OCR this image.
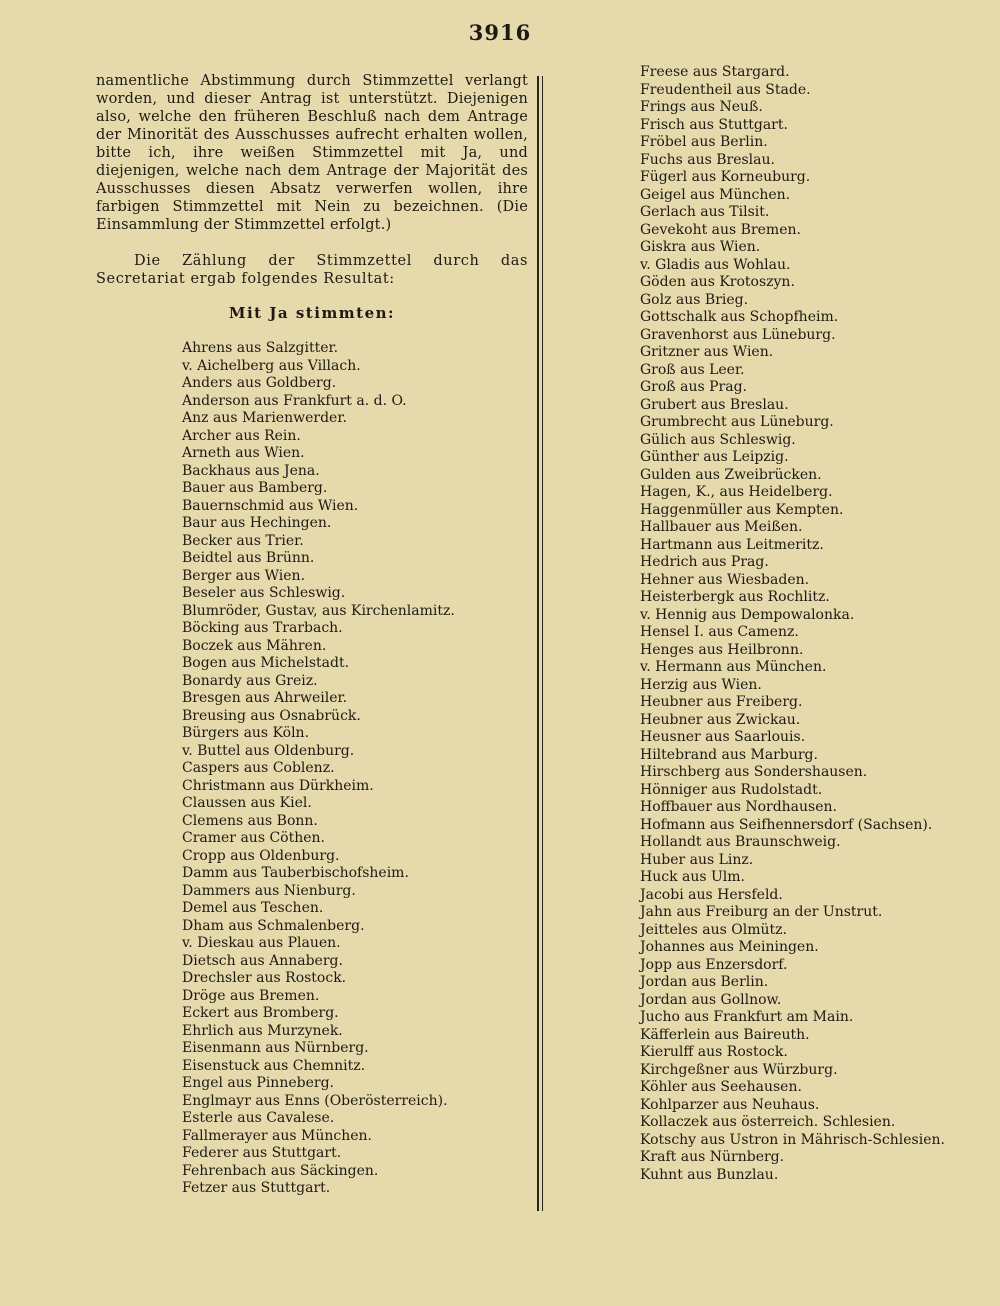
3916

namentliche Abstimmung durch Stimmzettel verlangt worden, und dieser Antrag ist unterstützt. Diejenigen also, welche den früheren Beschluß nach dem Antrage der Minorität des Ausschusses aufrecht erhalten wollen, bitte ich, ihre weißen Stimmzettel mit Ja, und diejenigen, welche nach dem Antrage der Majorität des Ausschusses diesen Absatz verwerfen wollen, ihre farbigen Stimmzettel mit Nein zu bezeichnen. (Die Einsammlung der Stimmzettel erfolgt.)

Die Zählung der Stimmzettel durch das Secretariat ergab folgendes Resultat:

Mit Ja stimmten:
Ahrens aus Salzgitter.
v. Aichelberg aus Villach.
Anders aus Goldberg.
Anderson aus Frankfurt a. d. O.
Anz aus Marienwerder.
Archer aus Rein.
Arneth aus Wien.
Backhaus aus Jena.
Bauer aus Bamberg.
Bauernschmid aus Wien.
Baur aus Hechingen.
Becker aus Trier.
Beidtel aus Brünn.
Berger aus Wien.
Beseler aus Schleswig.
Blumröder, Gustav, aus Kirchenlamitz.
Böcking aus Trarbach.
Boczek aus Mähren.
Bogen aus Michelstadt.
Bonardy aus Greiz.
Bresgen aus Ahrweiler.
Breusing aus Osnabrück.
Bürgers aus Köln.
v. Buttel aus Oldenburg.
Caspers aus Coblenz.
Christmann aus Dürkheim.
Claussen aus Kiel.
Clemens aus Bonn.
Cramer aus Cöthen.
Cropp aus Oldenburg.
Damm aus Tauberbischofsheim.
Dammers aus Nienburg.
Demel aus Teschen.
Dham aus Schmalenberg.
v. Dieskau aus Plauen.
Dietsch aus Annaberg.
Drechsler aus Rostock.
Dröge aus Bremen.
Eckert aus Bromberg.
Ehrlich aus Murzynek.
Eisenmann aus Nürnberg.
Eisenstuck aus Chemnitz.
Engel aus Pinneberg.
Englmayr aus Enns (Oberösterreich).
Esterle aus Cavalese.
Fallmerayer aus München.
Federer aus Stuttgart.
Fehrenbach aus Säckingen.
Fetzer aus Stuttgart.
Freese aus Stargard.
Freudentheil aus Stade.
Frings aus Neuß.
Frisch aus Stuttgart.
Fröbel aus Berlin.
Fuchs aus Breslau.
Fügerl aus Korneuburg.
Geigel aus München.
Gerlach aus Tilsit.
Gevekoht aus Bremen.
Giskra aus Wien.
v. Gladis aus Wohlau.
Göden aus Krotoszyn.
Golz aus Brieg.
Gottschalk aus Schopfheim.
Gravenhorst aus Lüneburg.
Gritzner aus Wien.
Groß aus Leer.
Groß aus Prag.
Grubert aus Breslau.
Grumbrecht aus Lüneburg.
Gülich aus Schleswig.
Günther aus Leipzig.
Gulden aus Zweibrücken.
Hagen, K., aus Heidelberg.
Haggenmüller aus Kempten.
Hallbauer aus Meißen.
Hartmann aus Leitmeritz.
Hedrich aus Prag.
Hehner aus Wiesbaden.
Heisterbergk aus Rochlitz.
v. Hennig aus Dempowalonka.
Hensel I. aus Camenz.
Henges aus Heilbronn.
v. Hermann aus München.
Herzig aus Wien.
Heubner aus Freiberg.
Heubner aus Zwickau.
Heusner aus Saarlouis.
Hiltebrand aus Marburg.
Hirschberg aus Sondershausen.
Hönniger aus Rudolstadt.
Hoffbauer aus Nordhausen.
Hofmann aus Seifhennersdorf (Sachsen).
Hollandt aus Braunschweig.
Huber aus Linz.
Huck aus Ulm.
Jacobi aus Hersfeld.
Jahn aus Freiburg an der Unstrut.
Jeitteles aus Olmütz.
Johannes aus Meiningen.
Jopp aus Enzersdorf.
Jordan aus Berlin.
Jordan aus Gollnow.
Jucho aus Frankfurt am Main.
Käfferlein aus Baireuth.
Kierulff aus Rostock.
Kirchgeßner aus Würzburg.
Köhler aus Seehausen.
Kohlparzer aus Neuhaus.
Kollaczek aus österreich. Schlesien.
Kotschy aus Ustron in Mährisch-Schlesien.
Kraft aus Nürnberg.
Kuhnt aus Bunzlau.
